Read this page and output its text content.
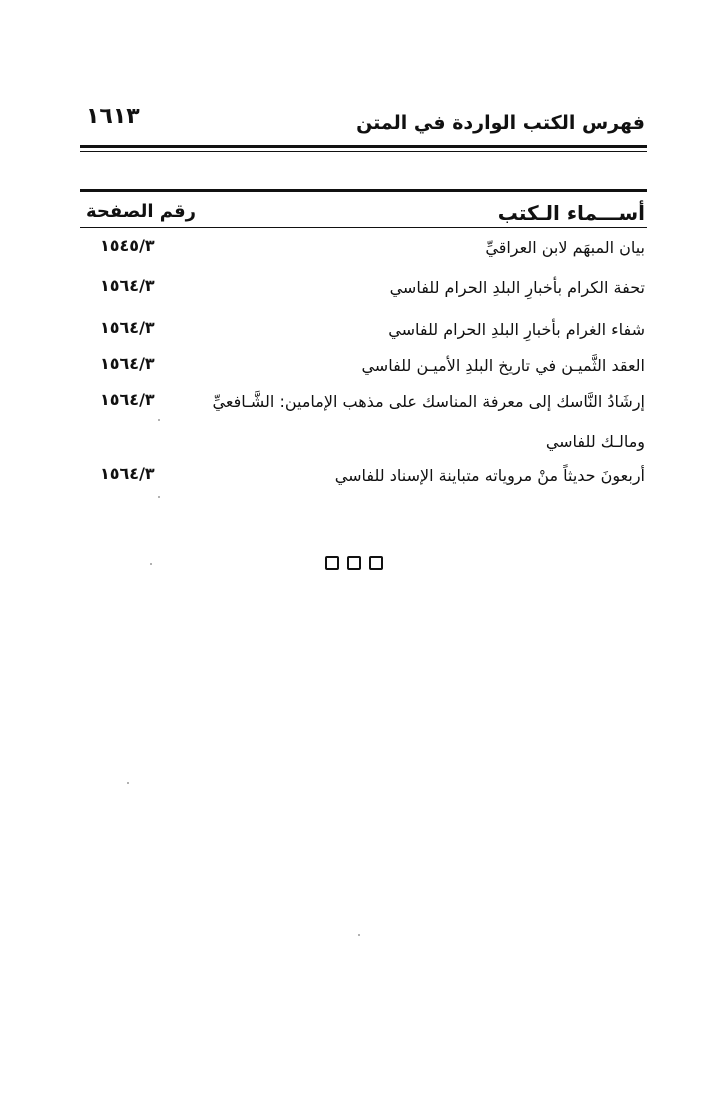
فهرس الكتب الواردة في المتن
١٦١٣
أســـماء الـكتب
رقم الصفحة
بيان المبهَم لابن العراقيِّ
١٥٤٥/٣
تحفة الكرام بأخبارِ البلدِ الحرام للفاسي
١٥٦٤/٣
شفاء الغرام بأخبارِ البلدِ الحرام للفاسي
١٥٦٤/٣
العقد الثَّميـن في تاريخ البلدِ الأميـن للفاسي
١٥٦٤/٣
إرشَادُ النَّاسك إلى معرفة المناسك على مذهب الإمامين: الشَّـافعيِّ ومالـك للفاسي
١٥٦٤/٣
أربعونَ حديثاً منْ مروياته متباينة الإسناد للفاسي
١٥٦٤/٣
